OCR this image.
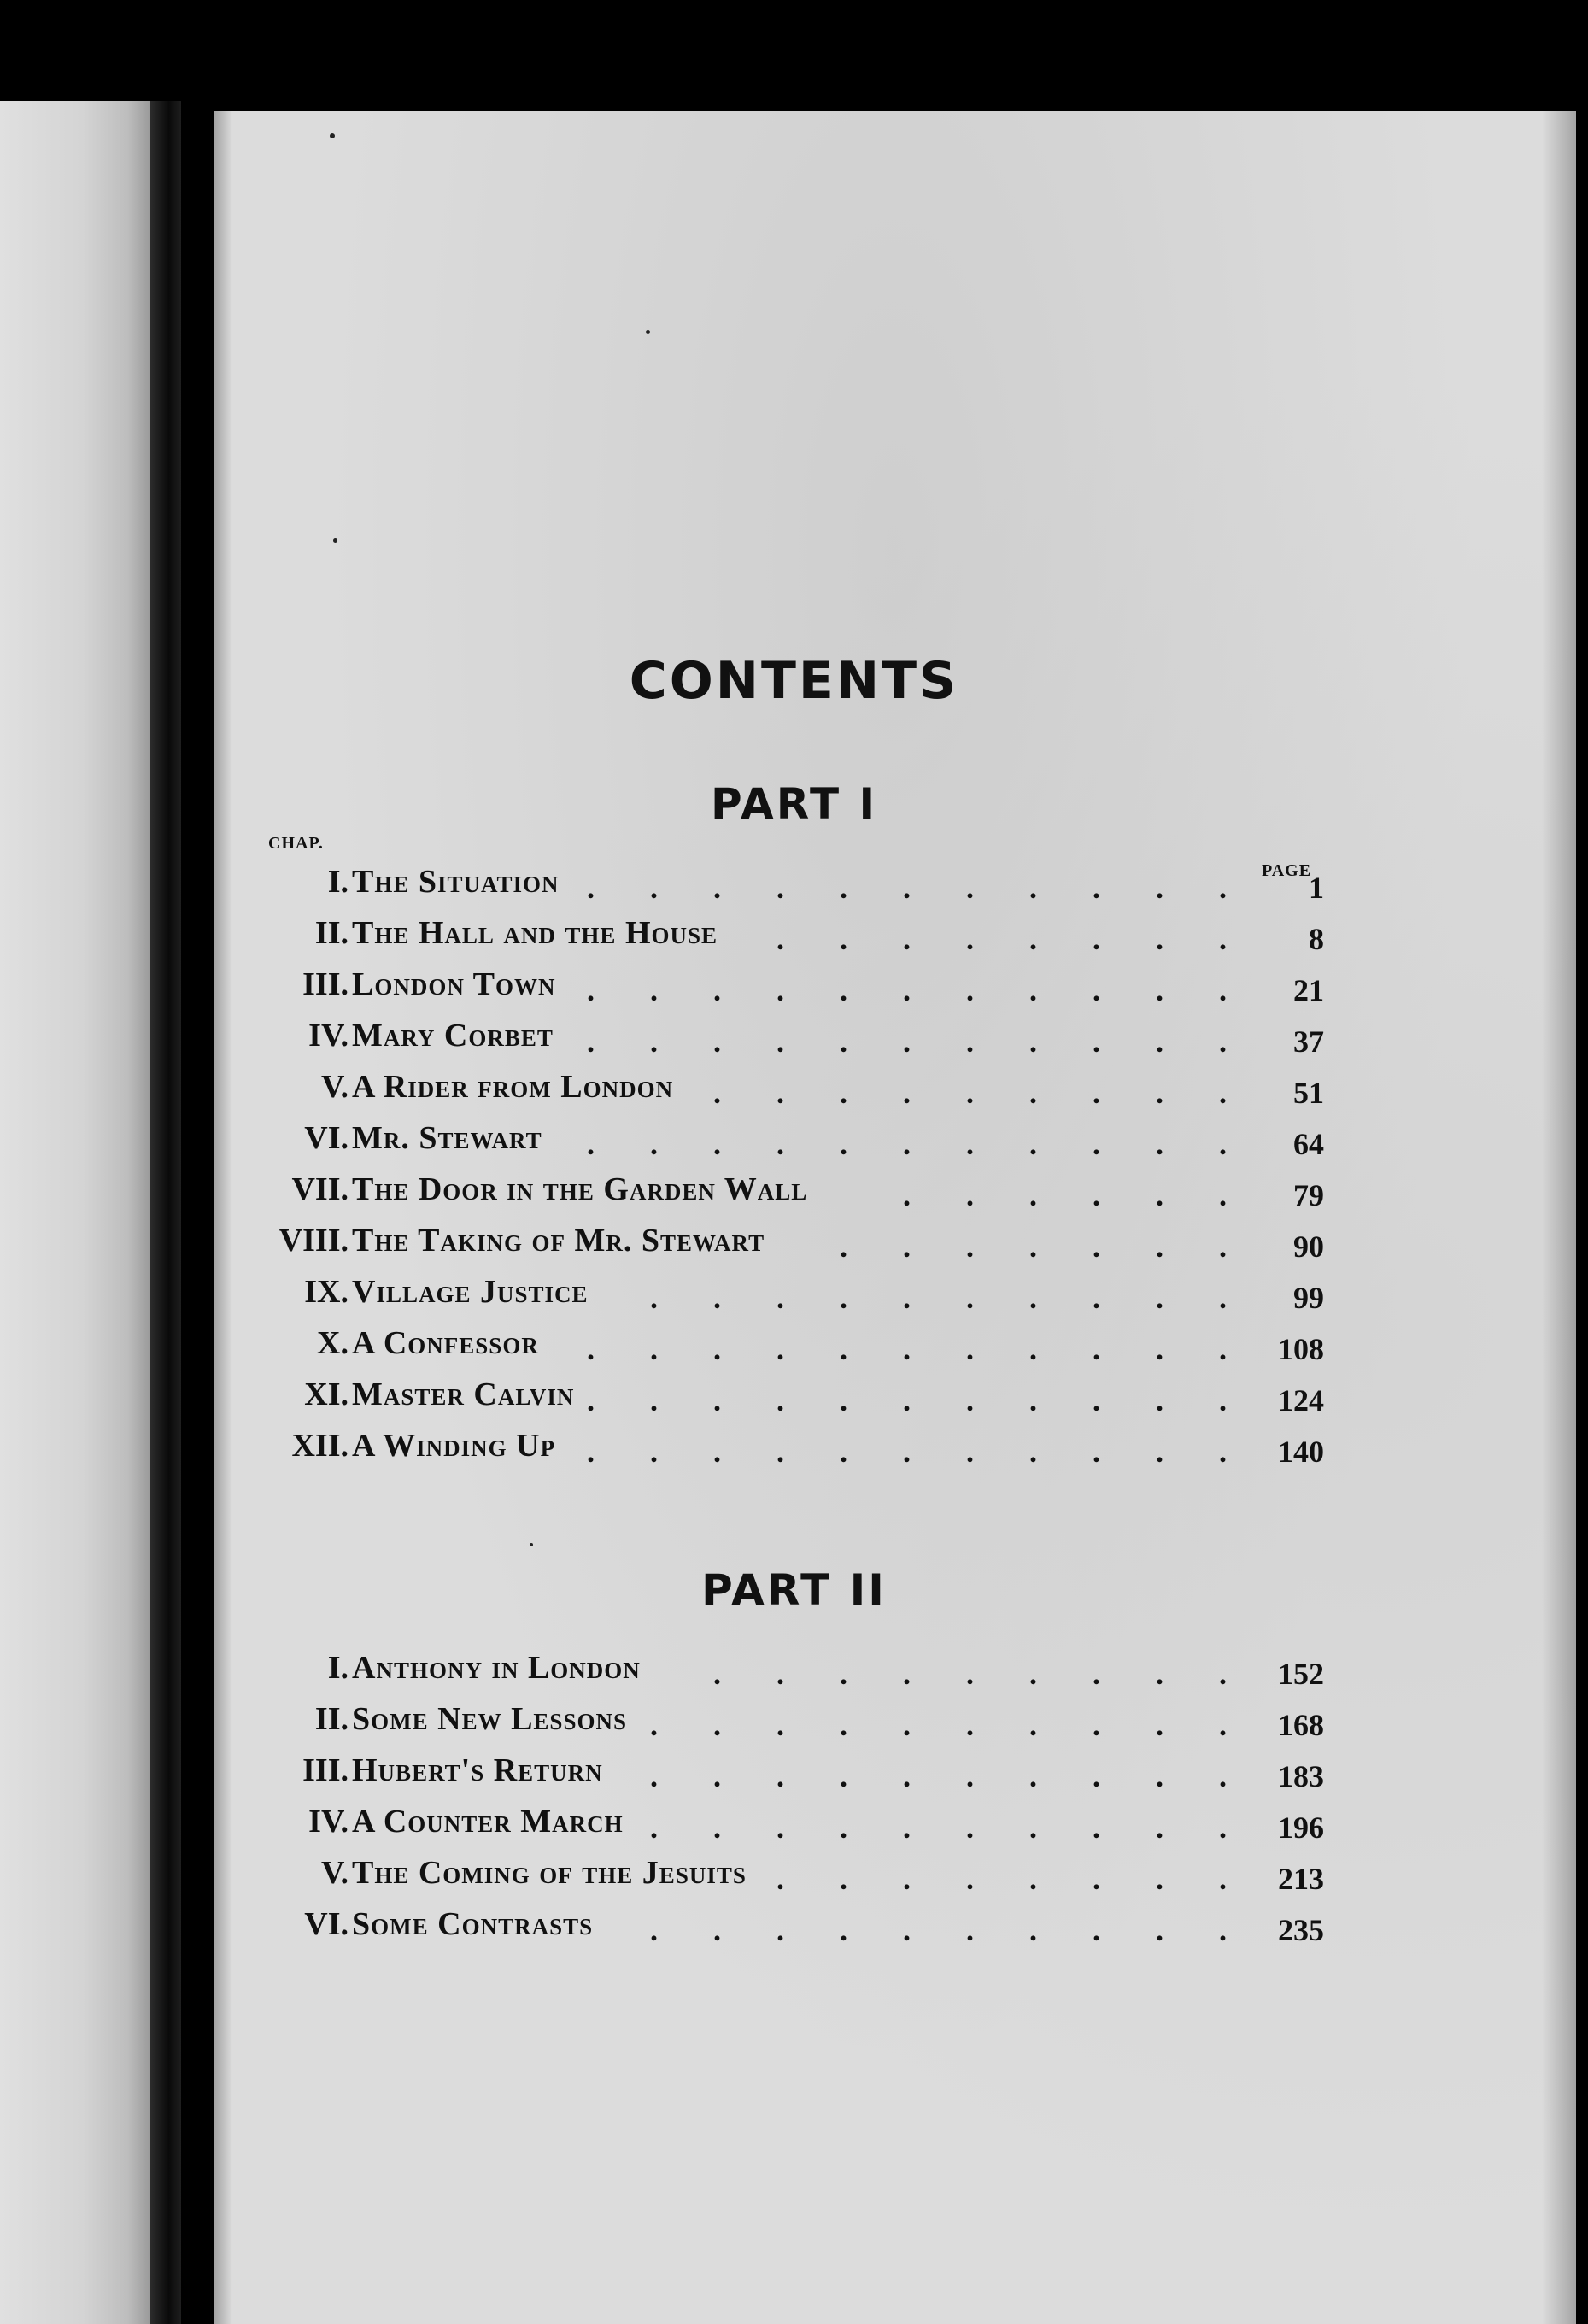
CONTENTS
PART I
CHAP.
PAGE
I. The Situation . . . . . . . . . . .	1
II. The Hall and the House . . . . . . . .	8
III. London Town . . . . . . . . . . . 21
IV. Mary Corbet . . . . . . . . . . . 37
V. A Rider from London . . . . . . . . . 51
VI. Mr. Stewart . . . . . . . . . . . 64
VII. The Door in the Garden Wall	. . . . . . 79
VIII. The Taking of Mr. Stewart . . . . . . . 90
IX. Village Justice . . . . . . . . . . 99
X. A Confessor . . . . . . . . . . . 108
XI. Master Calvin . . . . . . . . . . . 124
XII. A Winding Up . . . . . . . . . . . 140
PART II
I. Anthony in London . . . . . . . . . 152
II. Some New Lessons . . . . . . . . . . 168
III. Hubert's Return . . . . . . . . . . 183
IV. A Counter March . . . . . . . . . . 196
V. The Coming of the Jesuits . . . . . . . . 213
VI. Some Contrasts . . . . . . . . . . 235
